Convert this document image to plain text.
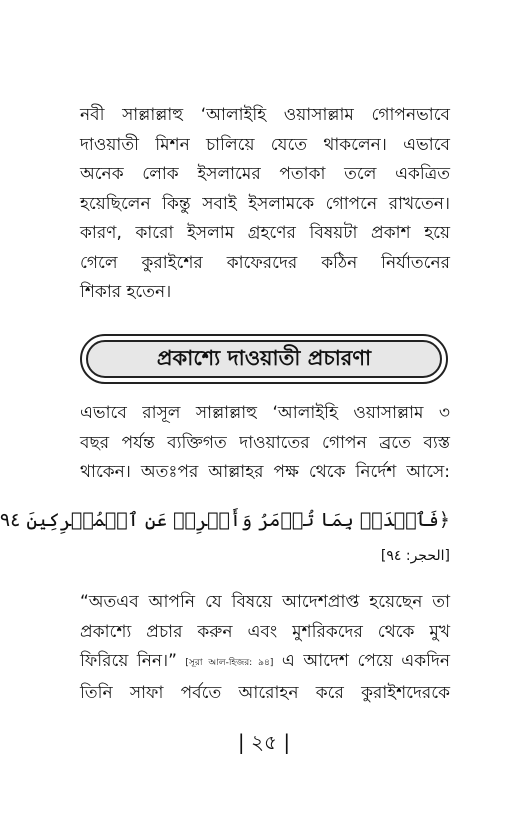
নবী সাল্লাল্লাহু ‘আলাইহি ওয়াসাল্লাম গোপনভাবে
দাওয়াতী মিশন চালিয়ে যেতে থাকলেন। এভাবে
অনেক লোক ইসলামের পতাকা তলে একত্রিত
হয়েছিলেন কিন্তু সবাই ইসলামকে গোপনে রাখতেন।
কারণ, কারো ইসলাম গ্রহণের বিষয়টা প্রকাশ হয়ে
গেলে কুরাইশের কাফেরদের কঠিন নির্যাতনের
শিকার হতেন।
প্রকাশ্যে দাওয়াতী প্রচারণা
এভাবে রাসূল সাল্লাল্লাহু ‘আলাইহি ওয়াসাল্লাম ৩
বছর পর্যন্ত ব্যক্তিগত দাওয়াতের গোপন ব্রতে ব্যস্ত
থাকেন। অতঃপর আল্লাহর পক্ষ থেকে নির্দেশ আসে:
﴿فَٱصۡدَعۡ بِمَا تُؤۡمَرُ وَأَعۡرِضۡ عَنِ ٱلۡمُشۡرِكِينَ ٩٤
[الحجر: ٩٤]
“অতএব আপনি যে বিষয়ে আদেশপ্রাপ্ত হয়েছেন তা
প্রকাশ্যে প্রচার করুন এবং মুশরিকদের থেকে মুখ
ফিরিয়ে নিন।” [সূরা আল-হিজর: ৯৪] এ আদেশ পেয়ে একদিন
তিনি সাফা পর্বতে আরোহন করে কুরাইশদেরকে
| ২৫ |
